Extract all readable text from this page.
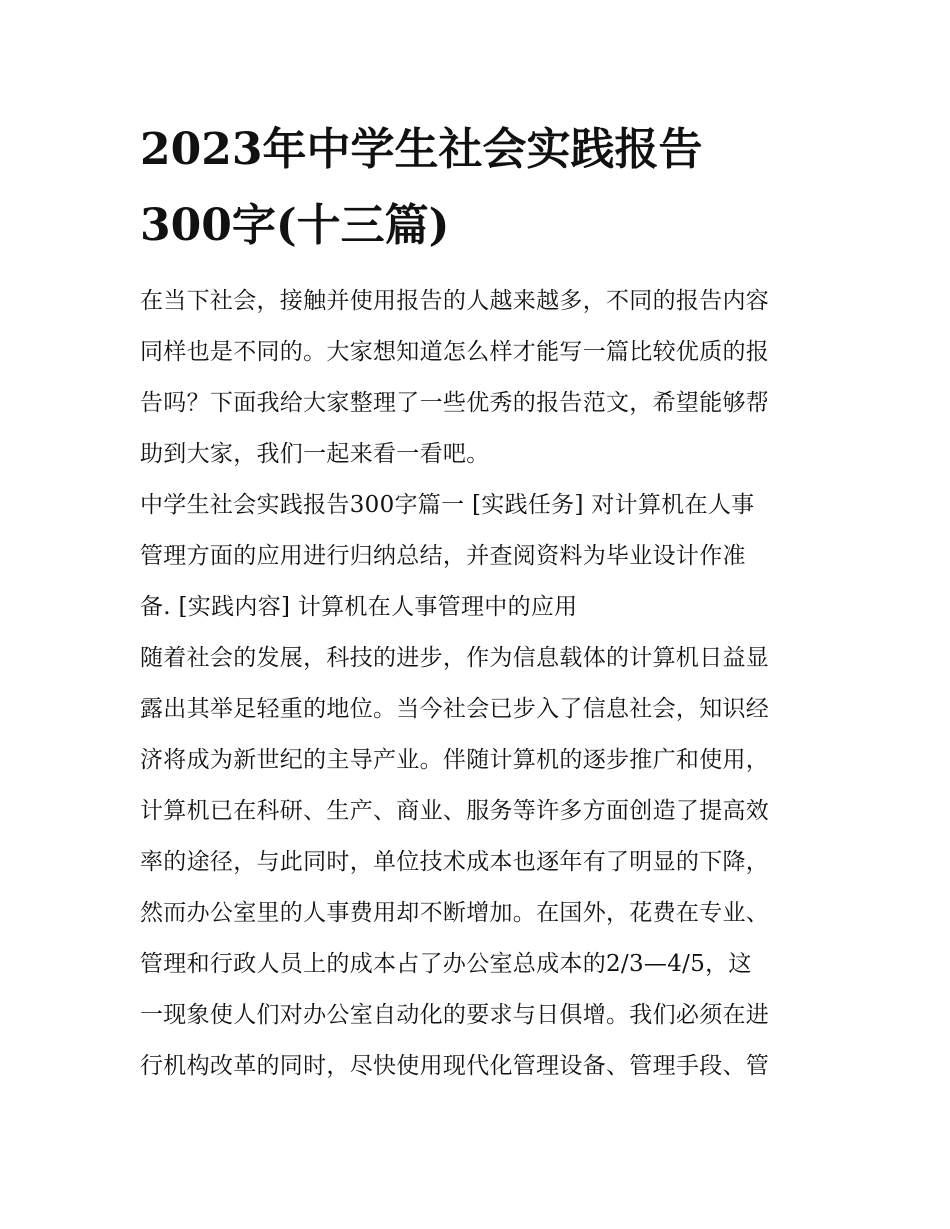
2023年中学生社会实践报告
300字(十三篇)

在当下社会，接触并使用报告的人越来越多，不同的报告内容
同样也是不同的。大家想知道怎么样才能写一篇比较优质的报
告吗？下面我给大家整理了一些优秀的报告范文，希望能够帮
助到大家，我们一起来看一看吧。

中学生社会实践报告300字篇一 [实践任务] 对计算机在人事
管理方面的应用进行归纳总结，并查阅资料为毕业设计作准
备. [实践内容] 计算机在人事管理中的应用

随着社会的发展，科技的进步，作为信息载体的计算机日益显
露出其举足轻重的地位。当今社会已步入了信息社会，知识经
济将成为新世纪的主导产业。伴随计算机的逐步推广和使用，
计算机已在科研、生产、商业、服务等许多方面创造了提高效
率的途径，与此同时，单位技术成本也逐年有了明显的下降，
然而办公室里的人事费用却不断增加。在国外，花费在专业、
管理和行政人员上的成本占了办公室总成本的2/3—4/5，这
一现象使人们对办公室自动化的要求与日俱增。我们必须在进
行机构改革的同时，尽快使用现代化管理设备、管理手段、管
